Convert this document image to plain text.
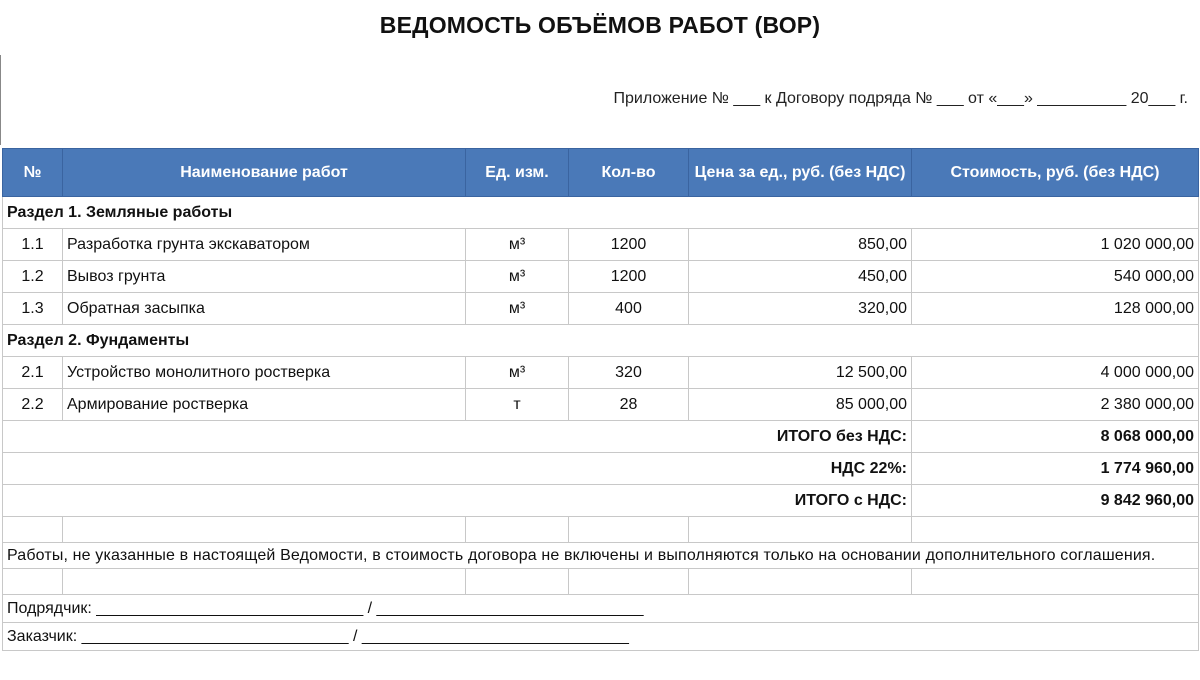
ВЕДОМОСТЬ ОБЪЁМОВ РАБОТ (ВОР)
Приложение № ___ к Договору подряда № ___ от «___» __________ 20___ г.
№	Наименование работ	Ед. изм.	Кол-во	Цена за ед., руб. (без НДС)	Стоимость, руб. (без НДС)
Раздел 1. Земляные работы					
1.1	Разработка грунта экскаватором	м³	1200	850,00	1 020 000,00
1.2	Вывоз грунта	м³	1200	450,00	540 000,00
1.3	Обратная засыпка	м³	400	320,00	128 000,00
Раздел 2. Фундаменты					
2.1	Устройство монолитного ростверка	м³	320	12 500,00	4 000 000,00
2.2	Армирование ростверка	т	28	85 000,00	2 380 000,00
ИТОГО без НДС:					8 068 000,00
НДС 22%:					1 774 960,00
ИТОГО с НДС:					9 842 960,00

Работы, не указанные в настоящей Ведомости, в стоимость договора не включены и выполняются только на основании дополнительного соглашения.					

Подрядчик: ______________________________ / ______________________________					
Заказчик: ______________________________ / ______________________________					
